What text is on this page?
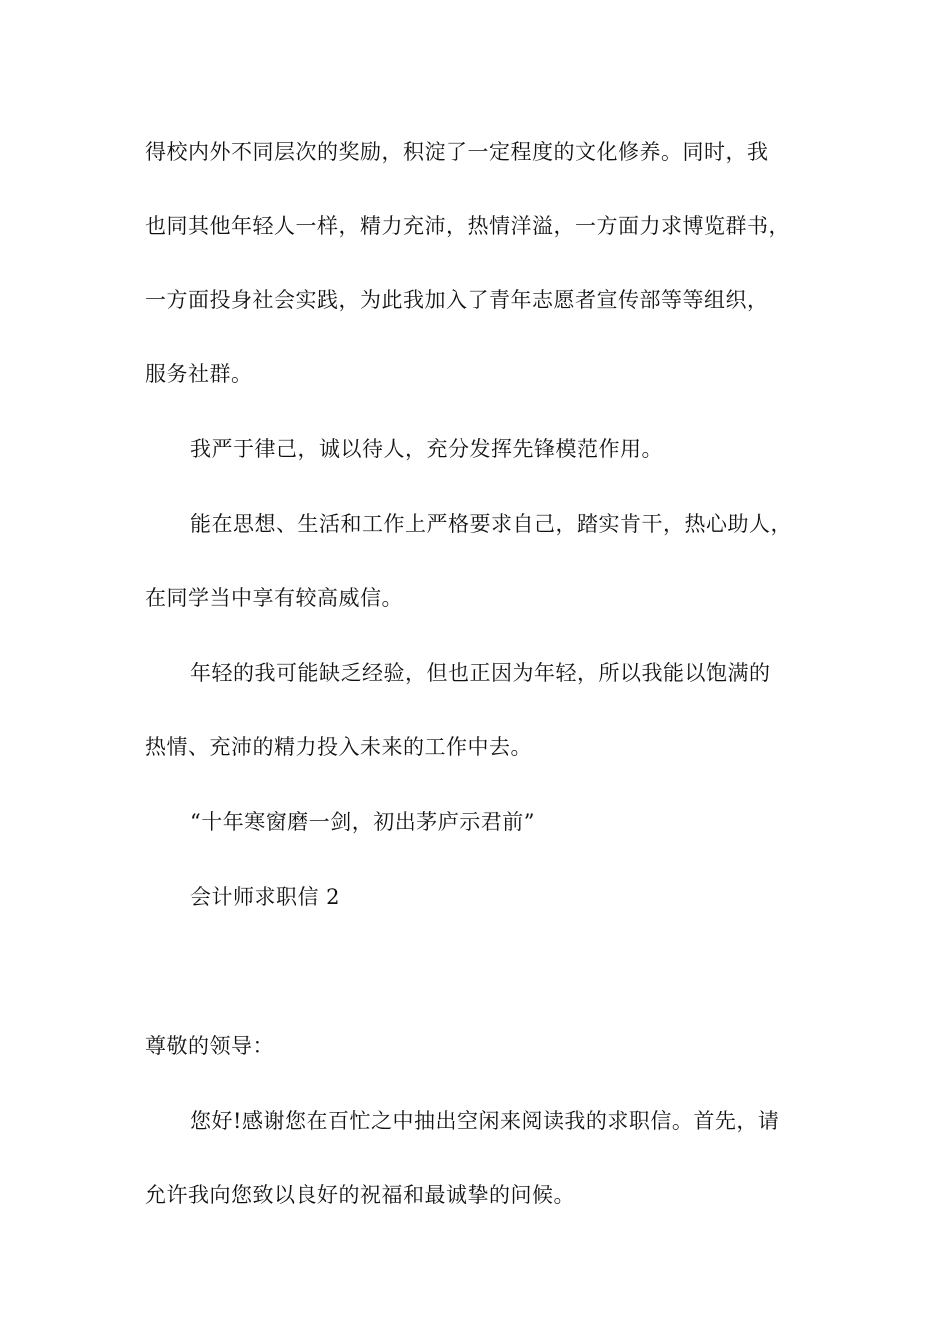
得校内外不同层次的奖励，积淀了一定程度的文化修养。同时，我
也同其他年轻人一样，精力充沛，热情洋溢，一方面力求博览群书，
一方面投身社会实践，为此我加入了青年志愿者宣传部等等组织，
服务社群。
我严于律己，诚以待人，充分发挥先锋模范作用。
能在思想、生活和工作上严格要求自己，踏实肯干，热心助人，
在同学当中享有较高威信。
年轻的我可能缺乏经验，但也正因为年轻，所以我能以饱满的
热情、充沛的精力投入未来的工作中去。
“十年寒窗磨一剑，初出茅庐示君前”
会计师求职信 2
尊敬的领导：
您好!感谢您在百忙之中抽出空闲来阅读我的求职信。首先，请
允许我向您致以良好的祝福和最诚挚的问候。
